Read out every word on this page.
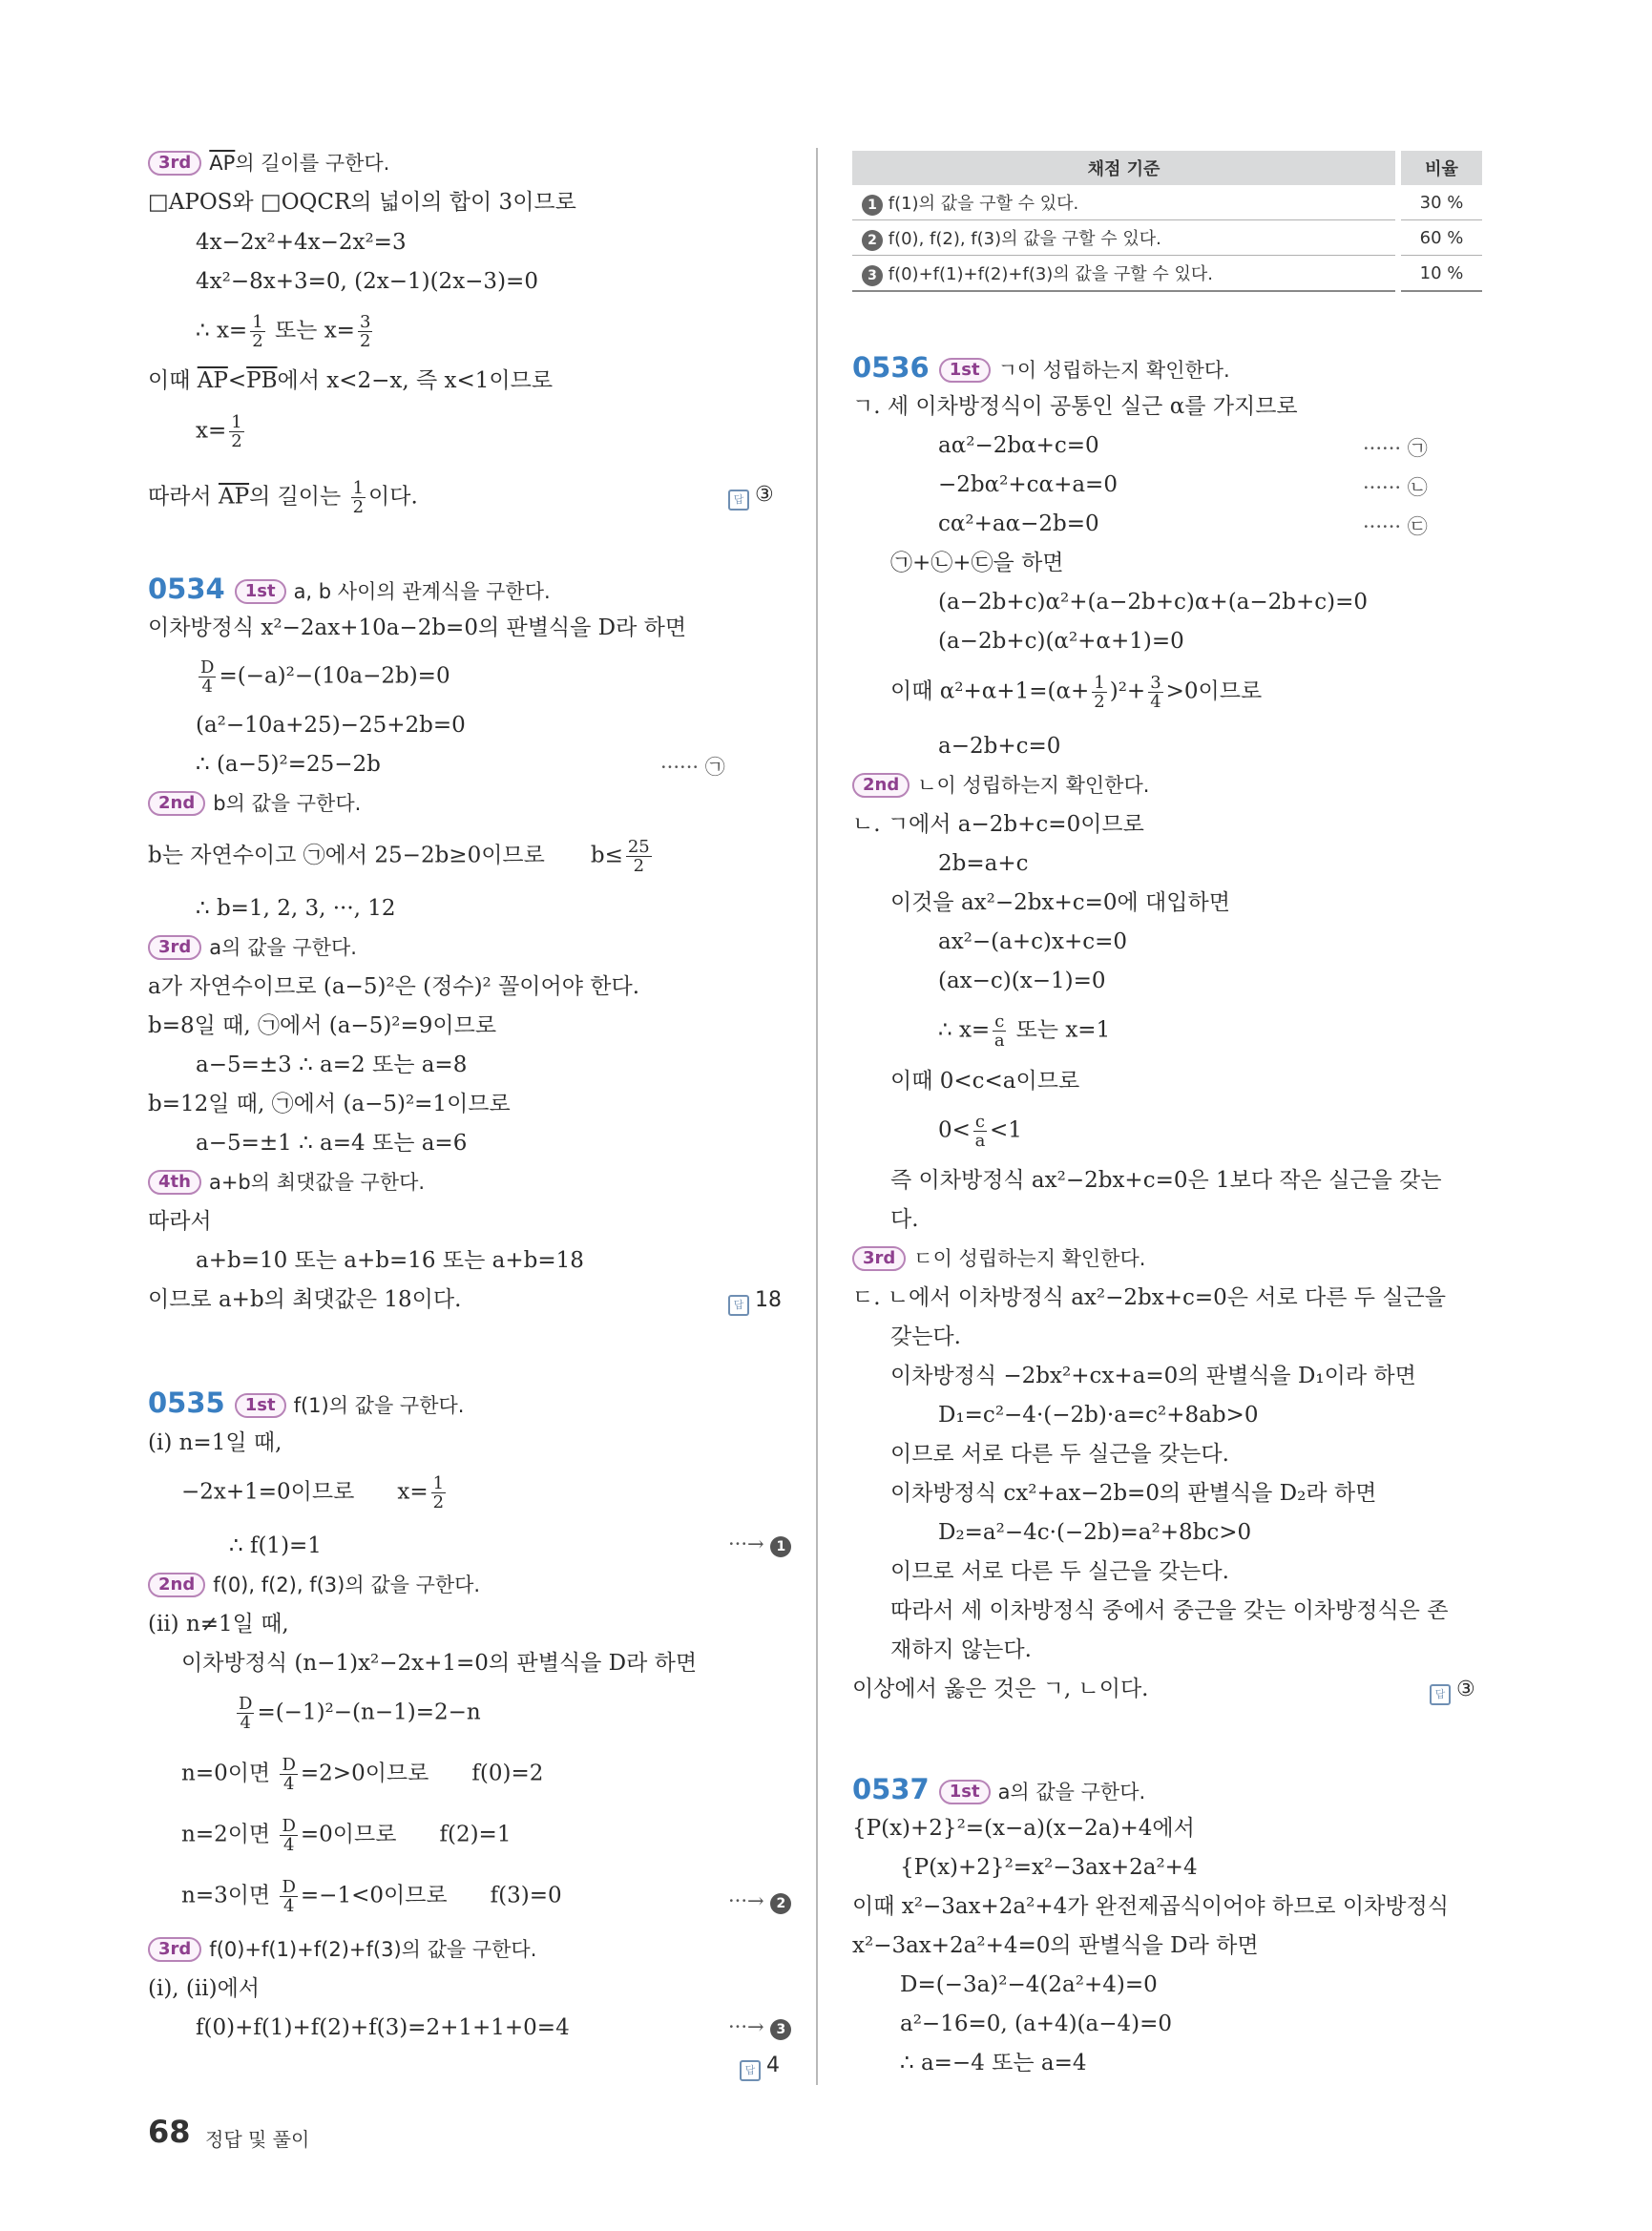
3rd $\overline{AP}$의 길이를 구한다.
□APOS와 □OQCR의 넓이의 합이 3이므로
4x−2x²+4x−2x²=3
4x²−8x+3=0, (2x−1)(2x−3)=0
∴ $x= \frac{1}{2}$ 또는 $x= \frac{3}{2}$
이때 $\overline{AP}<\overline{PB}$에서 x<2−x, 즉 x<1이므로
$x= \frac{1}{2}$
따라서 $\overline{AP}$의 길이는 $\frac{1}{2}$ 이다.	답 ③
0534 1st a, b 사이의 관계식을 구한다.
이차방정식 x²−2ax+10a−2b=0의 판별식을 D라 하면
$\frac{D}{4} =(-a)^2-(10a-2b)=0$
(a²−10a+25)−25+2b=0
∴ (a−5)²=25−2b	······ ㉠
2nd b의 값을 구한다.
b는 자연수이고 ㉠에서 25−2b≥0이므로 $b\le \frac{25}{2}$
∴ b=1, 2, 3, ···, 12
3rd a의 값을 구한다.
a가 자연수이므로 (a−5)²은 (정수)² 꼴이어야 한다.
b=8일 때, ㉠에서 (a−5)²=9이므로
a−5=±3 ∴ a=2 또는 a=8
b=12일 때, ㉠에서 (a−5)²=1이므로
a−5=±1 ∴ a=4 또는 a=6
4th a+b의 최댓값을 구한다.
따라서
a+b=10 또는 a+b=16 또는 a+b=18
이므로 a+b의 최댓값은 18이다.	답 18
0535 1st f(1)의 값을 구한다.
(i) n=1일 때,
−2x+1=0이므로 $x= \frac{1}{2}$
∴ f(1)=1	···→ 1
2nd f(0), f(2), f(3)의 값을 구한다.
(ii) n≠1일 때,
이차방정식 (n−1)x²−2x+1=0의 판별식을 D라 하면
$\frac{D}{4} =(-1)^2-(n-1)=2-n$
n=0이면 $\frac{D}{4} =2>0$이므로 f(0)=2
n=2이면 $\frac{D}{4} =0$이므로 f(2)=1
n=3이면 $\frac{D}{4} =-1<0$이므로 f(3)=0	···→ 2
3rd f(0)+f(1)+f(2)+f(3)의 값을 구한다.
(i), (ii)에서
f(0)+f(1)+f(2)+f(3)=2+1+1+0=4	···→ 3
답 4
채점 기준	비율
1 f(1)의 값을 구할 수 있다.	30 %
2 f(0), f(2), f(3)의 값을 구할 수 있다.	60 %
3 f(0)+f(1)+f(2)+f(3)의 값을 구할 수 있다.	10 %
0536 1st ㄱ이 성립하는지 확인한다.
ㄱ. 세 이차방정식이 공통인 실근 α를 가지므로
aα²−2bα+c=0	······ ㉠
−2bα²+cα+a=0	······ ㉡
cα²+aα−2b=0	······ ㉢
㉠+㉡+㉢을 하면
(a−2b+c)α²+(a−2b+c)α+(a−2b+c)=0
(a−2b+c)(α²+α+1)=0
이때 $\alpha^2+\alpha+1=(\alpha+ \frac{1}{2} )^2+ \frac{3}{4} >0$이므로
a−2b+c=0
2nd ㄴ이 성립하는지 확인한다.
ㄴ. ㄱ에서 a−2b+c=0이므로
2b=a+c
이것을 ax²−2bx+c=0에 대입하면
ax²−(a+c)x+c=0
(ax−c)(x−1)=0
∴ $x= \frac{c}{a}$ 또는 x=1
이때 0<c<a이므로
$0< \frac{c}{a} <1$
즉 이차방정식 ax²−2bx+c=0은 1보다 작은 실근을 갖는
다.
3rd ㄷ이 성립하는지 확인한다.
ㄷ. ㄴ에서 이차방정식 ax²−2bx+c=0은 서로 다른 두 실근을
갖는다.
이차방정식 −2bx²+cx+a=0의 판별식을 D₁이라 하면
D₁=c²−4·(−2b)·a=c²+8ab>0
이므로 서로 다른 두 실근을 갖는다.
이차방정식 cx²+ax−2b=0의 판별식을 D₂라 하면
D₂=a²−4c·(−2b)=a²+8bc>0
이므로 서로 다른 두 실근을 갖는다.
따라서 세 이차방정식 중에서 중근을 갖는 이차방정식은 존
재하지 않는다.
이상에서 옳은 것은 ㄱ, ㄴ이다.	답 ③
0537 1st a의 값을 구한다.
{P(x)+2}²=(x−a)(x−2a)+4에서
{P(x)+2}²=x²−3ax+2a²+4
이때 x²−3ax+2a²+4가 완전제곱식이어야 하므로 이차방정식
x²−3ax+2a²+4=0의 판별식을 D라 하면
D=(−3a)²−4(2a²+4)=0
a²−16=0, (a+4)(a−4)=0
∴ a=−4 또는 a=4
68 정답 및 풀이
